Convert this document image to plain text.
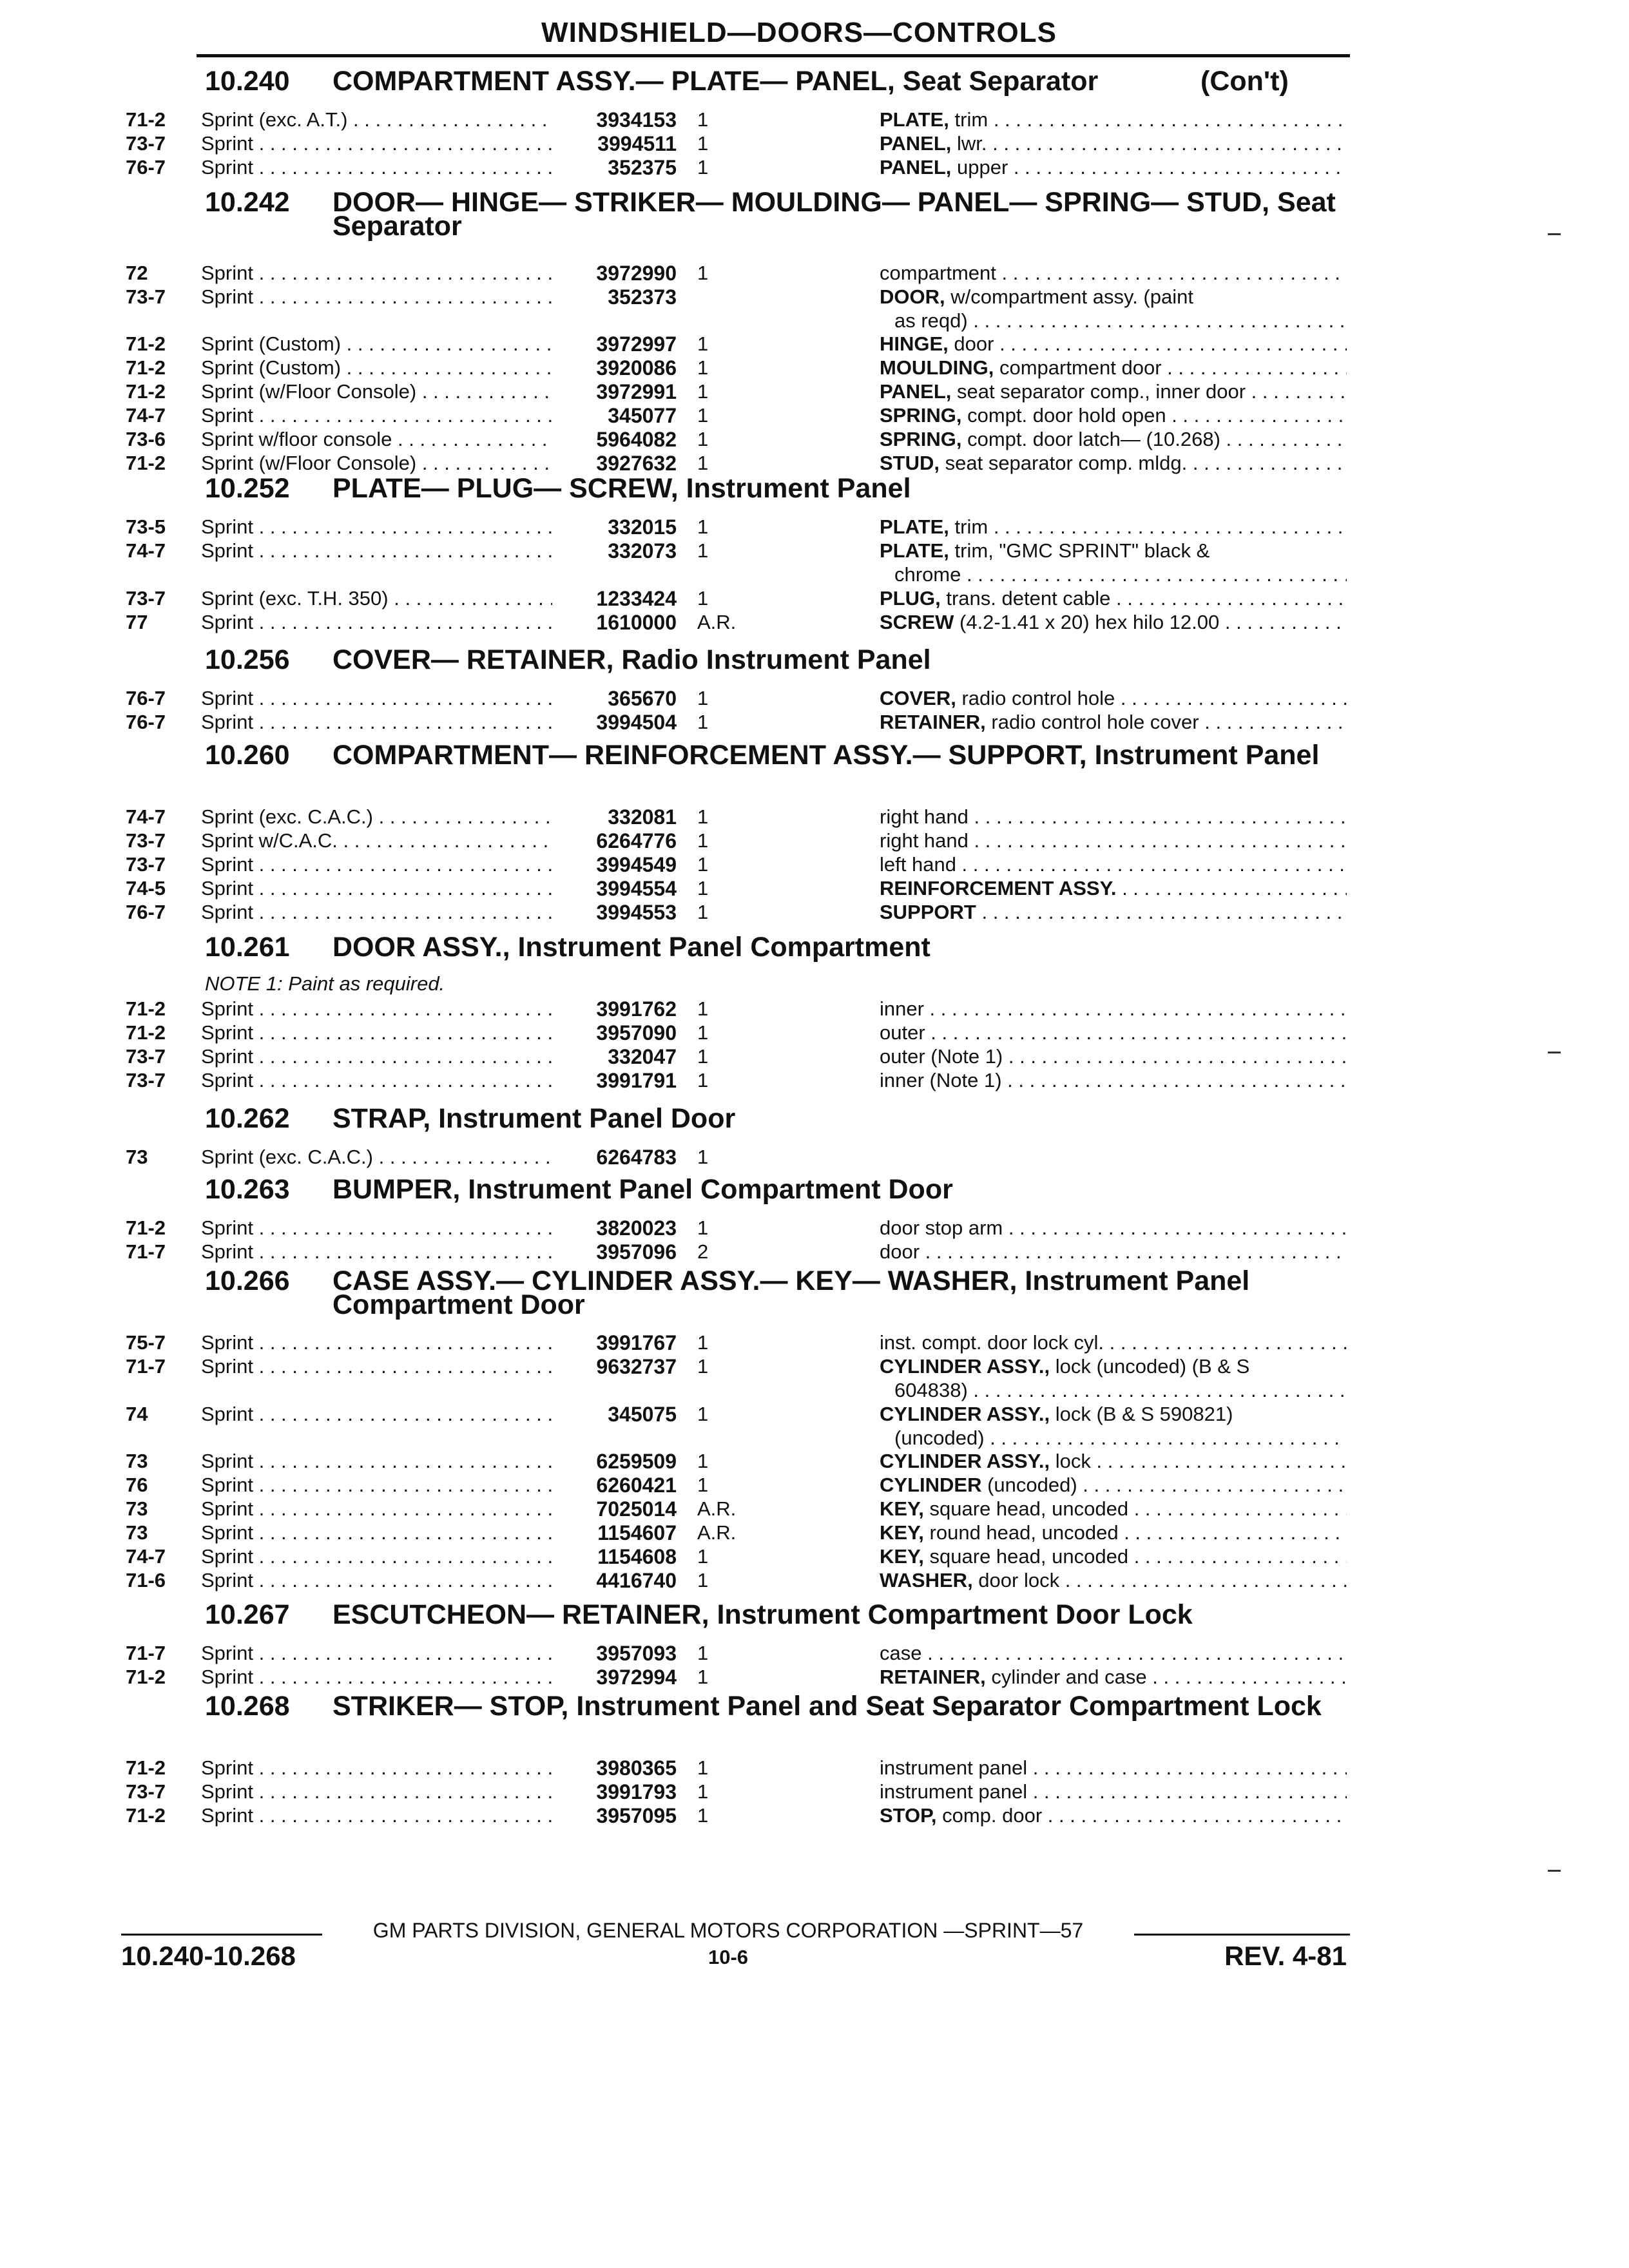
WINDSHIELD—DOORS—CONTROLS
10.240 COMPARTMENT ASSY.— PLATE— PANEL, Seat Separator	(Con't)
71-2	Sprint (exc. A.T.) . . .	3934153 1	PLATE, trim . . .
73-7	Sprint . . .	3994511 1	PANEL, lwr. . . .
76-7	Sprint . . .	352375 1	PANEL, upper . . .
10.242 DOOR— HINGE— STRIKER— MOULDING— PANEL— SPRING— STUD, Seat Separator
72	Sprint . . .	3972990 1	compartment . . .
73-7	Sprint . . .	352373	DOOR, w/compartment assy. (paint
as reqd) . . .
71-2	Sprint (Custom) . . .	3972997 1	HINGE, door . . .
71-2	Sprint (Custom) . . .	3920086 1	MOULDING, compartment door . . .
71-2	Sprint (w/Floor Console) . . .	3972991 1	PANEL, seat separator comp., inner door . . . . .
74-7	Sprint . . .	345077 1	SPRING, compt. door hold open . . .
73-6	Sprint w/floor console . . .	5964082 1	SPRING, compt. door latch— (10.268) . . . . . . .
71-2	Sprint (w/Floor Console) . . .	3927632 1	STUD, seat separator comp. mldg. . . .
10.252 PLATE— PLUG— SCREW, Instrument Panel
73-5	Sprint . . .	332015 1	PLATE, trim . . .
74-7	Sprint . . .	332073 1	PLATE, trim, "GMC SPRINT" black &
chrome . . .
73-7	Sprint (exc. T.H. 350) . . .	1233424 1	PLUG, trans. detent cable . . .
77	Sprint . . .	1610000 A.R.	SCREW (4.2-1.41 x 20) hex hilo 12.00 . . . . . .
10.256 COVER— RETAINER, Radio Instrument Panel
76-7	Sprint . . .	365670 1	COVER, radio control hole . . .
76-7	Sprint . . .	3994504 1	RETAINER, radio control hole cover . . .
10.260 COMPARTMENT— REINFORCEMENT ASSY.— SUPPORT, Instrument Panel
74-7	Sprint (exc. C.A.C.) . . .	332081 1	right hand . . .
73-7	Sprint w/C.A.C. . . .	6264776 1	right hand . . .
73-7	Sprint . . .	3994549 1	left hand . . .
74-5	Sprint . . .	3994554 1	REINFORCEMENT ASSY. . . .
76-7	Sprint . . .	3994553 1	SUPPORT . . .
10.261 DOOR ASSY., Instrument Panel Compartment
NOTE 1: Paint as required.
71-2	Sprint . . .	3991762 1	inner . . .
71-2	Sprint . . .	3957090 1	outer . . .
73-7	Sprint . . .	332047 1	outer (Note 1) . . .
73-7	Sprint . . .	3991791 1	inner (Note 1) . . .
10.262 STRAP, Instrument Panel Door
73	Sprint (exc. C.A.C.) . . .	6264783 1
10.263 BUMPER, Instrument Panel Compartment Door
71-2	Sprint . . .	3820023 1	door stop arm . . .
71-7	Sprint . . .	3957096 2	door . . .
10.266 CASE ASSY.— CYLINDER ASSY.— KEY— WASHER, Instrument Panel Compartment Door
75-7	Sprint . . .	3991767 1	inst. compt. door lock cyl. . . .
71-7	Sprint . . .	9632737 1	CYLINDER ASSY., lock (uncoded) (B & S
604838) . . .
74	Sprint . . .	345075 1	CYLINDER ASSY., lock (B & S 590821)
(uncoded) . . .
73	Sprint . . .	6259509 1	CYLINDER ASSY., lock . . .
76	Sprint . . .	6260421 1	CYLINDER (uncoded) . . .
73	Sprint . . .	7025014 A.R.	KEY, square head, uncoded . . .
73	Sprint . . .	1154607 A.R.	KEY, round head, uncoded . . .
74-7	Sprint . . .	1154608 1	KEY, square head, uncoded . . .
71-6	Sprint . . .	4416740 1	WASHER, door lock . . .
10.267 ESCUTCHEON— RETAINER, Instrument Compartment Door Lock
71-7	Sprint . . .	3957093 1	case . . .
71-2	Sprint . . .	3972994 1	RETAINER, cylinder and case . . .
10.268 STRIKER— STOP, Instrument Panel and Seat Separator Compartment Lock
71-2	Sprint . . .	3980365 1	instrument panel . . .
73-7	Sprint . . .	3991793 1	instrument panel . . .
71-2	Sprint . . .	3957095 1	STOP, comp. door . . .
GM PARTS DIVISION, GENERAL MOTORS CORPORATION —SPRINT—57
10.240-10.268	10-6	REV. 4-81
